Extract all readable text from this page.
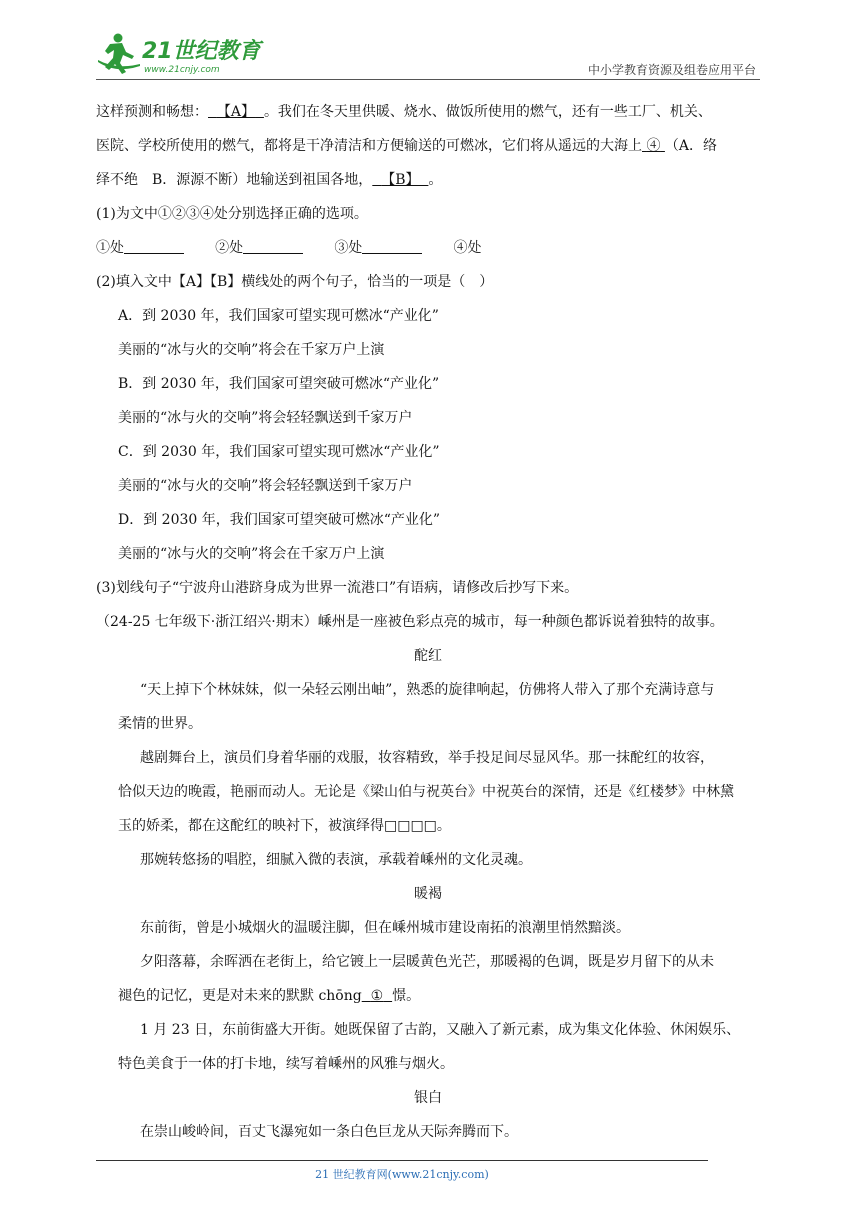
21世纪教育
www.21cnjy.com	中小学教育资源及组卷应用平台
这样预测和畅想： 【A】 。我们在冬天里供暖、烧水、做饭所使用的燃气，还有一些工厂、机关、
医院、学校所使用的燃气，都将是干净清洁和方便输送的可燃冰，它们将从遥远的大海上 ④ （A．络
绎不绝　B．源源不断）地输送到祖国各地， 【B】 。
(1)为文中①②③④处分别选择正确的选项。
①处	②处	③处	④处
(2)填入文中【A】【B】横线处的两个句子，恰当的一项是（　）
A．到 2030 年，我们国家可望实现可燃冰“产业化”
美丽的“冰与火的交响”将会在千家万户上演
B．到 2030 年，我们国家可望突破可燃冰“产业化”
美丽的“冰与火的交响”将会轻轻飘送到千家万户
C．到 2030 年，我们国家可望实现可燃冰“产业化”
美丽的“冰与火的交响”将会轻轻飘送到千家万户
D．到 2030 年，我们国家可望突破可燃冰“产业化”
美丽的“冰与火的交响”将会在千家万户上演
(3)划线句子“宁波舟山港跻身成为世界一流港口”有语病，请修改后抄写下来。
（24-25 七年级下·浙江绍兴·期末）嵊州是一座被色彩点亮的城市，每一种颜色都诉说着独特的故事。
酡红
“天上掉下个林妹妹，似一朵轻云刚出岫”，熟悉的旋律响起，仿佛将人带入了那个充满诗意与
柔情的世界。
越剧舞台上，演员们身着华丽的戏服，妆容精致，举手投足间尽显风华。那一抹酡红的妆容，
恰似天边的晚霞，艳丽而动人。无论是《梁山伯与祝英台》中祝英台的深情，还是《红楼梦》中林黛
玉的娇柔，都在这酡红的映衬下，被演绎得□□□□。
那婉转悠扬的唱腔，细腻入微的表演，承载着嵊州的文化灵魂。
暖褐
东前街，曾是小城烟火的温暖注脚，但在嵊州城市建设南拓的浪潮里悄然黯淡。
夕阳落幕，余晖洒在老街上，给它镀上一层暖黄色光芒，那暖褐的色调，既是岁月留下的从未
褪色的记忆，更是对未来的默默 chōng ① 憬。
1 月 23 日，东前街盛大开街。她既保留了古韵，又融入了新元素，成为集文化体验、休闲娱乐、
特色美食于一体的打卡地，续写着嵊州的风雅与烟火。
银白
在崇山峻岭间，百丈飞瀑宛如一条白色巨龙从天际奔腾而下。
21 世纪教育网(www.21cnjy.com)
